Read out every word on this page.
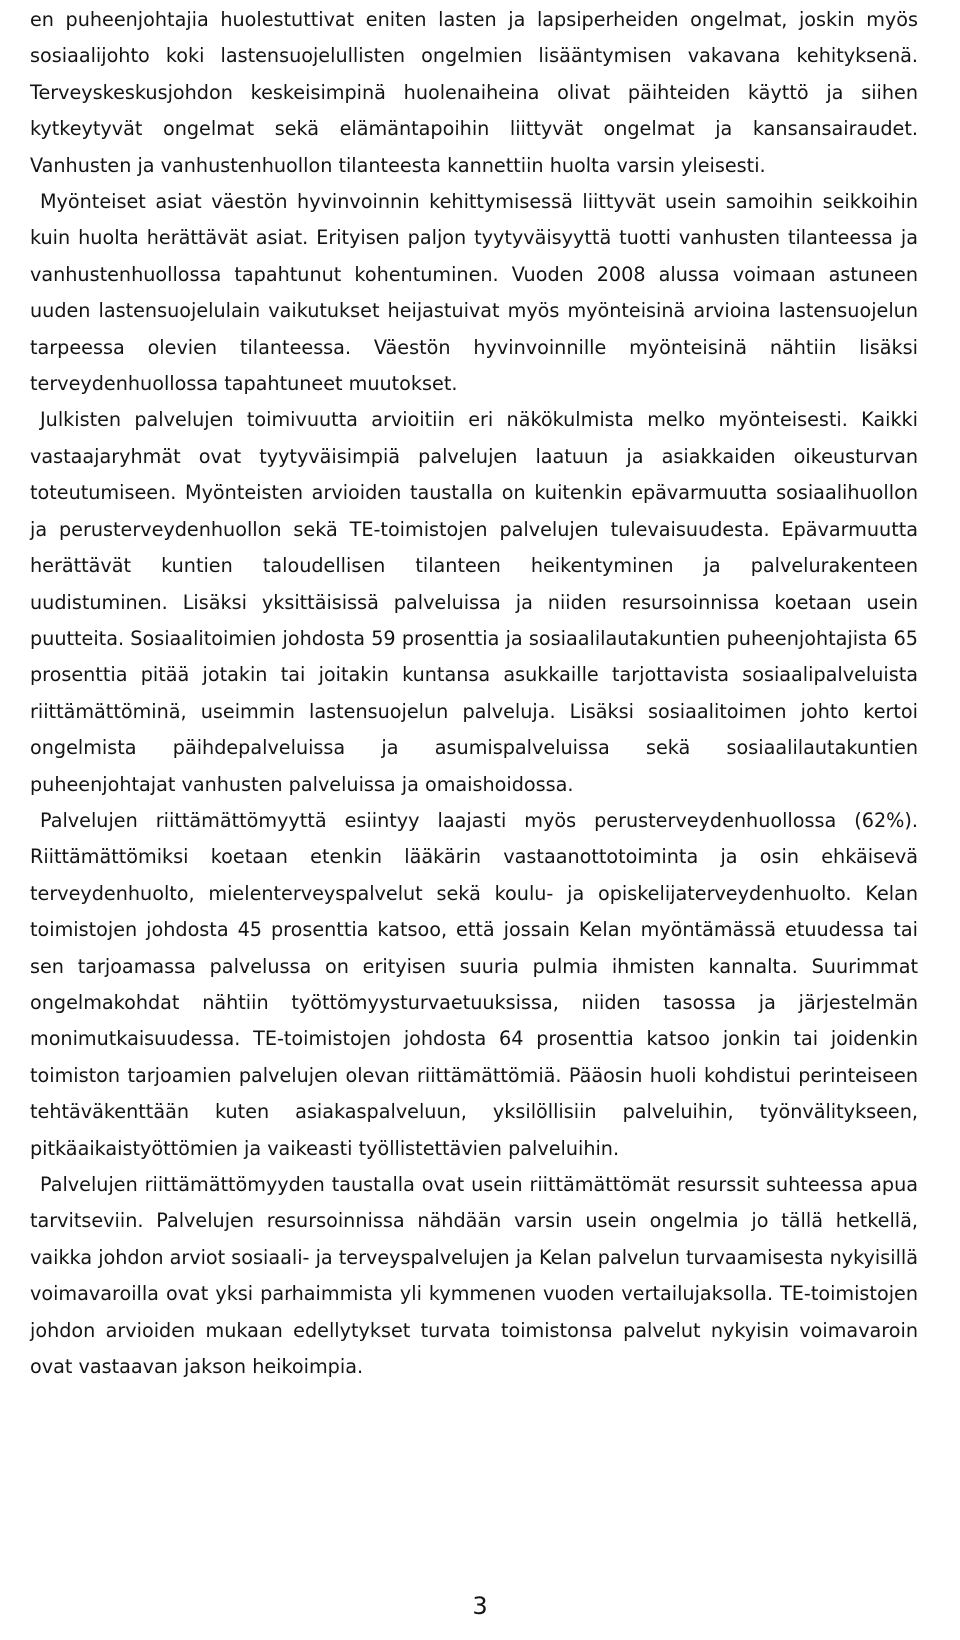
en puheenjohtajia huolestuttivat eniten lasten ja lapsiperheiden ongelmat, joskin myös sosiaalijohto koki lastensuojelullisten ongelmien lisääntymisen vakavana kehityksenä. Terveyskeskusjohdon keskeisimpinä huolenaiheina olivat päihteiden käyttö ja siihen kytkeytyvät ongelmat sekä elämäntapoihin liittyvät ongelmat ja kansansairaudet. Vanhusten ja vanhustenhuollon tilanteesta kannettiin huolta varsin yleisesti.

Myönteiset asiat väestön hyvinvoinnin kehittymisessä liittyvät usein samoihin seikkoihin kuin huolta herättävät asiat. Erityisen paljon tyytyväisyyttä tuotti vanhusten tilanteessa ja vanhustenhuollossa tapahtunut kohentuminen. Vuoden 2008 alussa voimaan astuneen uuden lastensuojelulain vaikutukset heijastuivat myös myönteisinä arvioina lastensuojelun tarpeessa olevien tilanteessa. Väestön hyvinvoinnille myönteisinä nähtiin lisäksi terveydenhuollossa tapahtuneet muutokset.

Julkisten palvelujen toimivuutta arvioitiin eri näkökulmista melko myönteisesti. Kaikki vastaajaryhmät ovat tyytyväisimpiä palvelujen laatuun ja asiakkaiden oikeusturvan toteutumiseen. Myönteisten arvioiden taustalla on kuitenkin epävarmuutta sosiaalihuollon ja perusterveydenhuollon sekä TE-toimistojen palvelujen tulevaisuudesta. Epävarmuutta herättävät kuntien taloudellisen tilanteen heikentyminen ja palvelurakenteen uudistuminen. Lisäksi yksittäisissä palveluissa ja niiden resursoinnissa koetaan usein puutteita. Sosiaalitoimien johdosta 59 prosenttia ja sosiaalilautakuntien puheenjohtajista 65 prosenttia pitää jotakin tai joitakin kuntansa asukkaille tarjottavista sosiaalipalveluista riittämättöminä, useimmin lastensuojelun palveluja. Lisäksi sosiaalitoimen johto kertoi ongelmista päihdepalveluissa ja asumispalveluissa sekä sosiaalilautakuntien puheenjohtajat vanhusten palveluissa ja omaishoidossa.

Palvelujen riittämättömyyttä esiintyy laajasti myös perusterveydenhuollossa (62%). Riittämättömiksi koetaan etenkin lääkärin vastaanottotoiminta ja osin ehkäisevä terveydenhuolto, mielenterveyspalvelut sekä koulu- ja opiskelijaterveydenhuolto. Kelan toimistojen johdosta 45 prosenttia katsoo, että jossain Kelan myöntämässä etuudessa tai sen tarjoamassa palvelussa on erityisen suuria pulmia ihmisten kannalta. Suurimmat ongelmakohdat nähtiin työttömyysturvaetuuksissa, niiden tasossa ja järjestelmän monimutkaisuudessa. TE-toimistojen johdosta 64 prosenttia katsoo jonkin tai joidenkin toimiston tarjoamien palvelujen olevan riittämättömiä. Pääosin huoli kohdistui perinteiseen tehtäväkenttään kuten asiakaspalveluun, yksilöllisiin palveluihin, työnvälitykseen, pitkäaikaistyöttömien ja vaikeasti työllistettävien palveluihin.

Palvelujen riittämättömyyden taustalla ovat usein riittämättömät resurssit suhteessa apua tarvitseviin. Palvelujen resursoinnissa nähdään varsin usein ongelmia jo tällä hetkellä, vaikka johdon arviot sosiaali- ja terveyspalvelujen ja Kelan palvelun turvaamisesta nykyisillä voimavaroilla ovat yksi parhaimmista yli kymmenen vuoden vertailujaksolla. TE-toimistojen johdon arvioiden mukaan edellytykset turvata toimistonsa palvelut nykyisin voimavaroin ovat vastaavan jakson heikoimpia.

3
